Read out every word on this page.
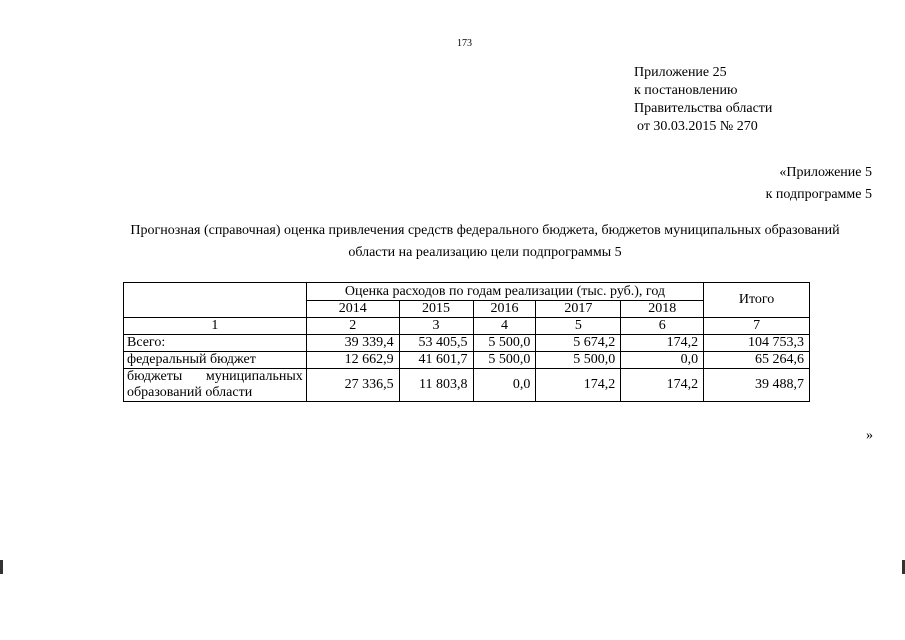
173
Приложение 25
к постановлению
Правительства области
от 30.03.2015 № 270
«Приложение 5
к подпрограмме 5
Прогнозная (справочная) оценка привлечения средств федерального бюджета, бюджетов муниципальных образований
области на реализацию цели подпрограммы 5
	Оценка расходов по годам реализации (тыс. руб.), год					Итого
	2014	2015	2016	2017	2018	
1	2	3	4	5	6	7
Всего:	39 339,4	53 405,5	5 500,0	5 674,2	174,2	104 753,3
федеральный бюджет	12 662,9	41 601,7	5 500,0	5 500,0	0,0	65 264,6

бюджеты муниципальных
образований области	27 336,5	11 803,8	0,0	174,2	174,2	39 488,7
»
